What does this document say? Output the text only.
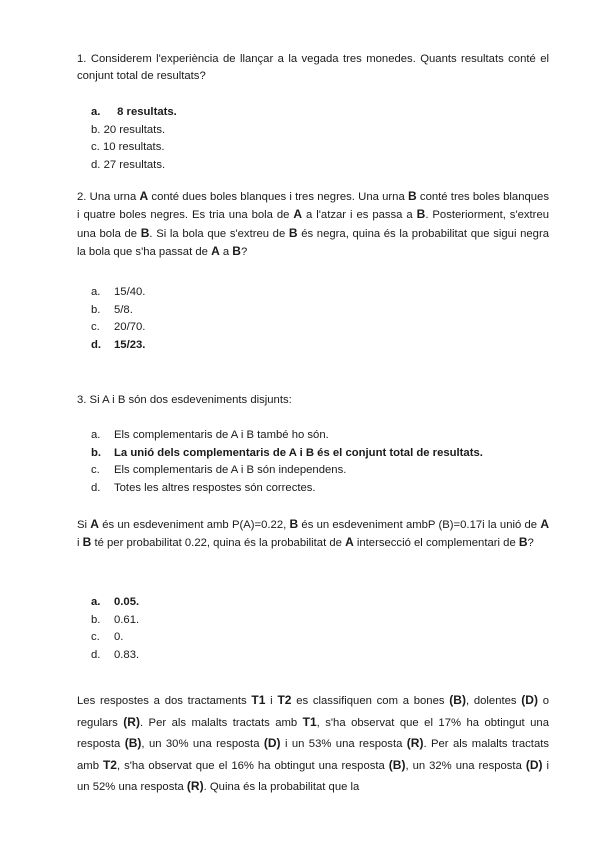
1. Considerem l'experiència de llançar a la vegada tres monedes. Quants resultats conté el conjunt total de resultats?

a.
	8 resultats.
b.
20 resultats.
c.
10 resultats.
d.
27 resultats.

2. Una urna A conté dues boles blanques i tres negres. Una urna B conté tres boles blanques i quatre boles negres. Es tria una bola de A a l'atzar i es passa a B. Posteriorment, s'extreu una bola de B. Si la bola que s'extreu de B és negra, quina és la probabilitat que sigui negra la bola que s'ha passat de A a B?

a.	15/40.
b.	5/8.
c.	20/70.
d.	15/23.

3. Si A i B són dos esdeveniments disjunts:

a.	Els complementaris de A i B també ho són.
b.	La unió dels complementaris de A i B és el conjunt total de resultats.
c.	Els complementaris de A i B són independens.
d.	Totes les altres respostes són correctes.

Si A és un esdeveniment amb P(A)=0.22, B és un esdeveniment ambP (B)=0.17i la unió de A i B té per probabilitat 0.22, quina és la probabilitat de A intersecció el complementari de B?

a.	0.05.
b.	0.61.
c.	0.
d.	0.83.

Les respostes a dos tractaments T1 i T2 es classifiquen com a bones (B), dolentes (D) o regulars (R). Per als malalts tractats amb T1, s'ha observat que el 17% ha obtingut una resposta (B), un 30% una resposta (D) i un 53% una resposta (R). Per als malalts tractats amb T2, s'ha observat que el 16% ha obtingut una resposta (B), un 32% una resposta (D) i un 52% una resposta (R). Quina és la probabilitat que la
